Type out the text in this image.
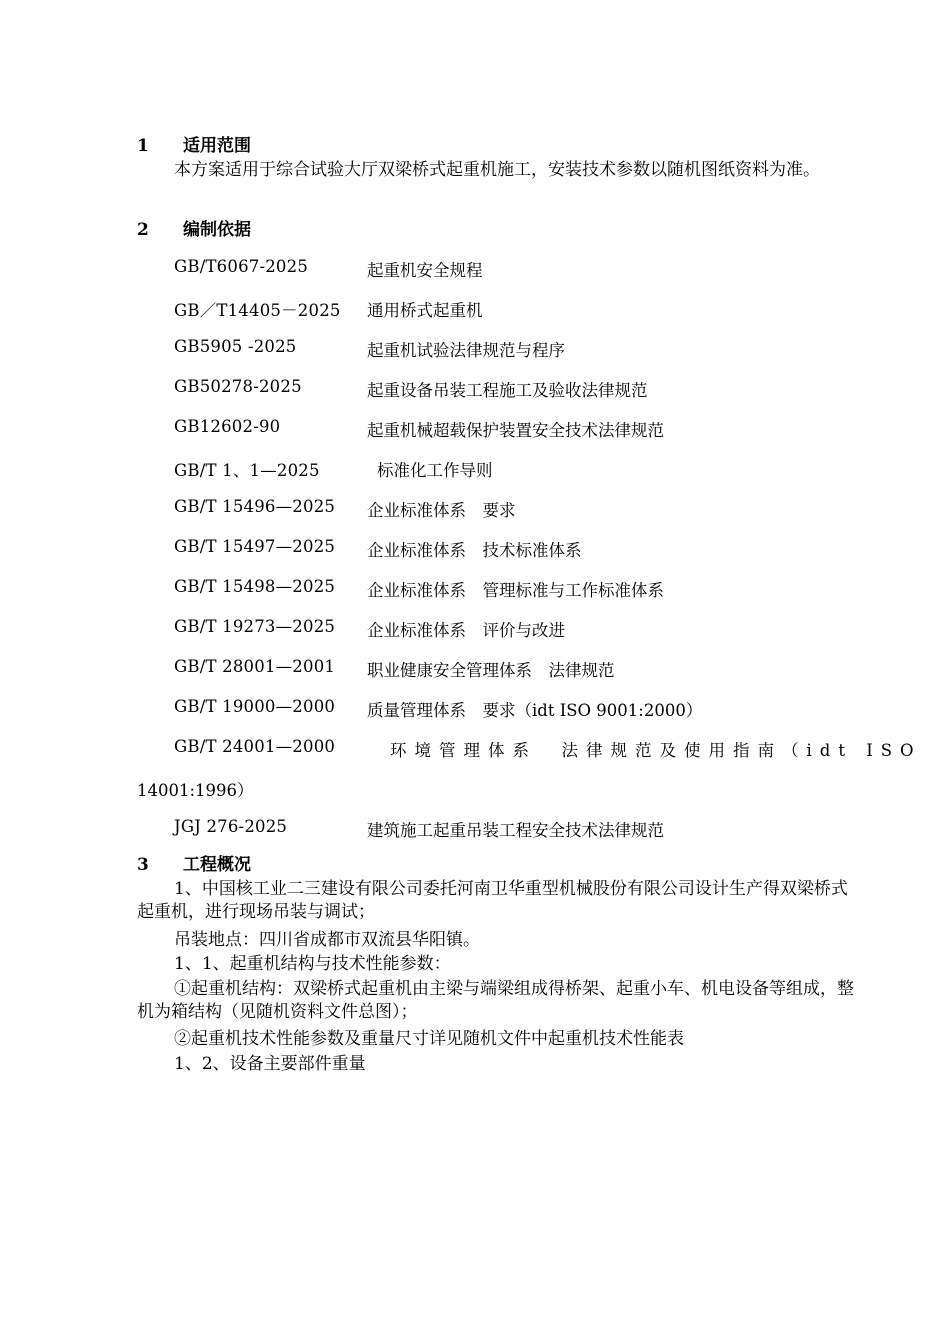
1 适用范围
本方案适用于综合试验大厅双梁桥式起重机施工，安装技术参数以随机图纸资料为准。
2 编制依据
GB/T6067-2025	起重机安全规程
GB／T14405－2025 通用桥式起重机
GB5905 -2025	起重机试验法律规范与程序
GB50278-2025	起重设备吊装工程施工及验收法律规范
GB12602-90	起重机械超载保护装置安全技术法律规范
GB/T 1、1—2025	标准化工作导则
GB/T 15496—2025 企业标准体系　要求
GB/T 15497—2025 企业标准体系　技术标准体系
GB/T 15498—2025 企业标准体系　管理标准与工作标准体系
GB/T 19273—2025 企业标准体系　评价与改进
GB/T 28001—2001 职业健康安全管理体系　法律规范
GB/T 19000—2000 质量管理体系　要求（idt ISO 9001:2000）
GB/T 24001—2000	环境管理体系　法律规范及使用指南（idt ISO
14001:1996）
JGJ 276-2025	建筑施工起重吊装工程安全技术法律规范
3 工程概况
1、中国核工业二三建设有限公司委托河南卫华重型机械股份有限公司设计生产得双梁桥式起重机，进行现场吊装与调试；
吊装地点：四川省成都市双流县华阳镇。
1、1、起重机结构与技术性能参数：
①起重机结构：双梁桥式起重机由主梁与端梁组成得桥架、起重小车、机电设备等组成，整机为箱结构（见随机资料文件总图）；
②起重机技术性能参数及重量尺寸详见随机文件中起重机技术性能表
1、2、设备主要部件重量
